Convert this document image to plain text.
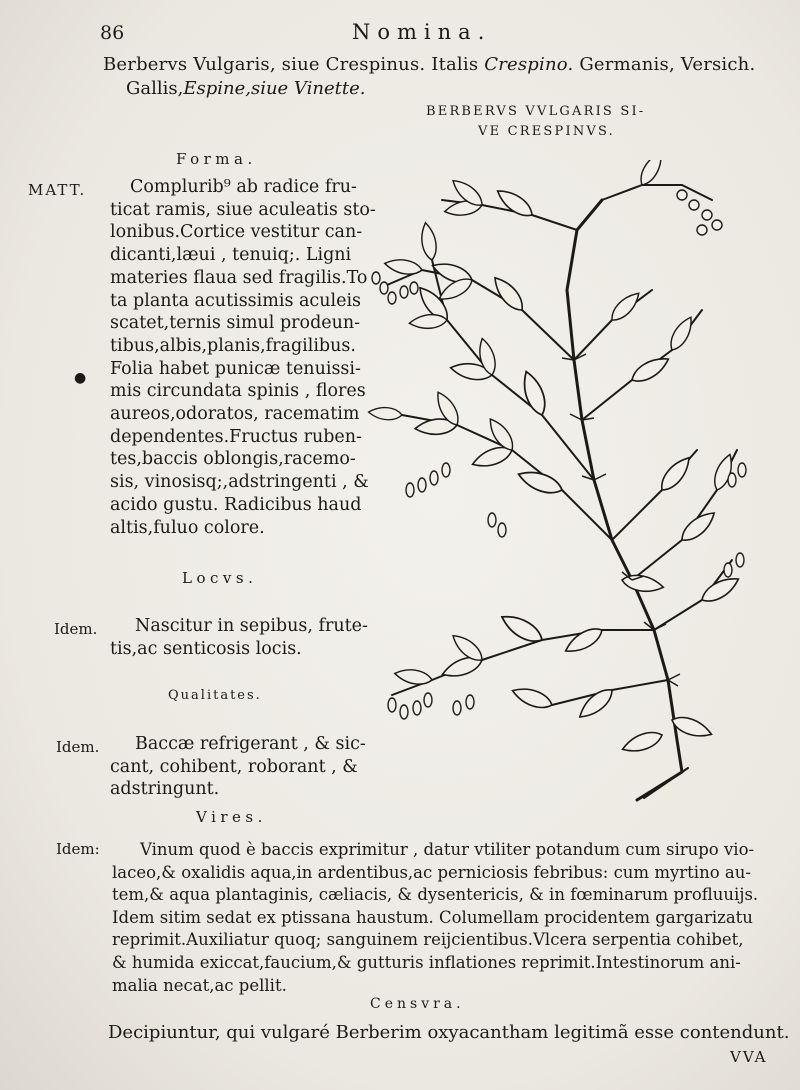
86	Nomina.
Berbervs Vulgaris, siue Crespinus. Italis Crespino. Germanis, Versich.
Gallis,Espine,siue Vinette.
BERBERVS VVLGARIS SI-
VE CRESPINVS.
Forma.
MATT.
●
Complurib⁹ ab radice fru-
ticat ramis, siue aculeatis sto-
lonibus.Cortice vestitur can-
dicanti,læui , tenuiq;. Ligni
materies flaua sed fragilis.To
ta planta acutissimis aculeis
scatet,ternis simul prodeun-
tibus,albis,planis,fragilibus.
Folia habet punicæ tenuissi-
mis circundata spinis , flores
aureos,odoratos, racematim
dependentes.Fructus ruben-
tes,baccis oblongis,racemo-
sis, vinosisq;,adstringenti , &
acido gustu. Radicibus haud
altis,fuluo colore.
Locvs.
Idem.	Nascitur in sepibus, frute-
tis,ac senticosis locis.
Qualitates.
Idem.	Baccæ refrigerant , & sic-
cant, cohibent, roborant , &
adstringunt.
Vires.
Idem:	Vinum quod è baccis exprimitur , datur vtiliter potandum cum sirupo vio-
laceo,& oxalidis aqua,in ardentibus,ac perniciosis febribus: cum myrtino au-
tem,& aqua plantaginis, cæliacis, & dysentericis, & in fœminarum profluuijs.
Idem sitim sedat ex ptissana haustum. Columellam procidentem gargarizatu
reprimit.Auxiliatur quoq; sanguinem reijcientibus.Vlcera serpentia cohibet,
& humida exiccat,faucium,& gutturis inflationes reprimit.Intestinorum ani-
malia necat,ac pellit.
Censvra.
Decipiuntur, qui vulgaré Berberim oxyacantham legitimã esse contendunt.
VVA
